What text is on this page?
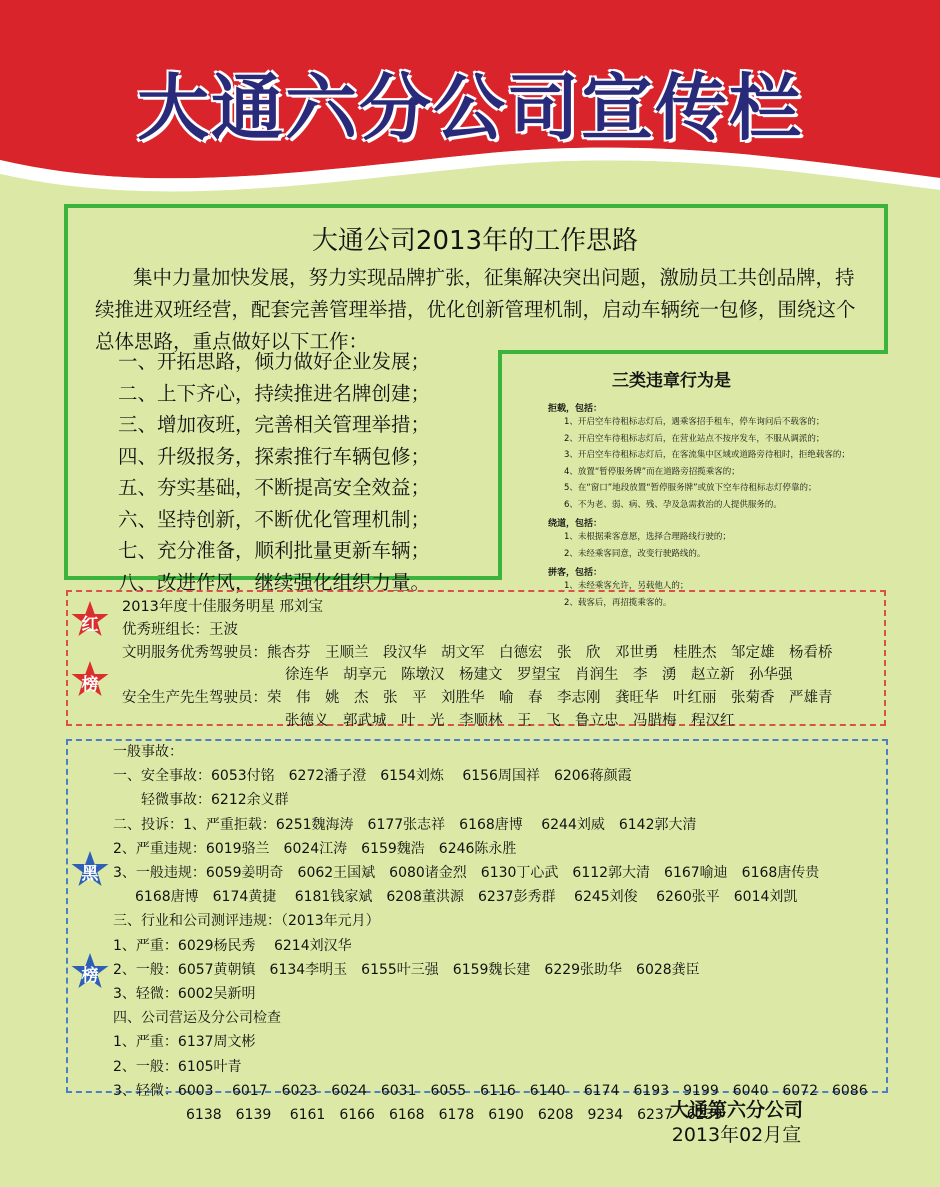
大通六分公司宣传栏
大通公司2013年的工作思路
集中力量加快发展，努力实现品牌扩张，征集解决突出问题，激励员工共创品牌，持续推进双班经营，配套完善管理举措，优化创新管理机制，启动车辆统一包修，围绕这个总体思路，重点做好以下工作：
一、开拓思路，倾力做好企业发展；
二、上下齐心，持续推进名牌创建；
三、增加夜班，完善相关管理举措；
四、升级报务，探索推行车辆包修；
五、夯实基础，不断提高安全效益；
六、坚持创新，不断优化管理机制；
七、充分准备，顺利批量更新车辆；
八、改进作风，继续强化组织力量。
三类违章行为是
拒载，包括：
1、开启空车待租标志灯后，遇乘客招手租车，停车询问后不载客的；
2、开启空车待租标志灯后，在营业站点不按序发车，不服从调派的；
3、开启空车待租标志灯后，在客流集中区域或道路旁待租时，拒绝载客的；
4、放置“暂停服务牌”而在道路旁招揽乘客的；
5、在“窗口”地段放置“暂停服务牌”或放下空车待租标志灯停靠的；
6、不为老、弱、病、残、孕及急需救治的人提供服务的。
绕道，包括：
1、未根据乘客意愿，选择合理路线行驶的；
2、未经乘客同意，改变行驶路线的。
拼客，包括：
1、未经乘客允许，另载他人的；
2、载客后，再招揽乘客的。
红
榜
2013年度十佳服务明星 邢刘宝
优秀班组长：王波
文明服务优秀驾驶员：熊杏芬　王顺兰　段汉华　胡文军　白德宏　张　欣　邓世勇　桂胜杰　邹定雄　杨看桥
徐连华　胡享元　陈墩汉　杨建文　罗望宝　肖润生　李　湧　赵立新　孙华强
安全生产先生驾驶员：荣　伟　姚　杰　张　平　刘胜华　喻　春　李志刚　龚旺华　叶红丽　张菊香　严雄青
张德义　郭武城　叶　光　李顺林　王　飞　鲁立忠　冯腊梅　程汉红
黑
榜
一般事故：
一、安全事故：6053付铭　6272潘子澄　6154刘炼　 6156周国祥　6206蒋颜霞
轻微事故：6212余义群
二、投诉：1、严重拒载：6251魏海涛　6177张志祥　6168唐博　 6244刘威　6142郭大清
2、严重违规：6019骆兰　6024江涛　6159魏浩　6246陈永胜
3、一般违规：6059姜明奇　6062王国斌　6080诸金烈　6130丁心武　6112郭大清　6167喻迪　6168唐传贵
6168唐博　6174黄捷　 6181钱家斌　6208董洪源　6237彭秀群　 6245刘俊　 6260张平　6014刘凯
三、行业和公司测评违规：（2013年元月）
1、严重：6029杨民秀　 6214刘汉华
2、一般：6057黄朝镇　6134李明玉　6155叶三强　6159魏长建　6229张助华　6028龚臣
3、轻微：6002吴新明
四、公司营运及分公司检查
1、严重：6137周文彬
2、一般：6105叶青
3、轻微：6003　 6017　6023　6024　6031　6055　6116　6140　 6174　6193　9199　6040　6072　6086
6138　6139　 6161　6166　6168　6178　6190　6208　9234　6237　6239
大通第六分公司
2013年02月宣
